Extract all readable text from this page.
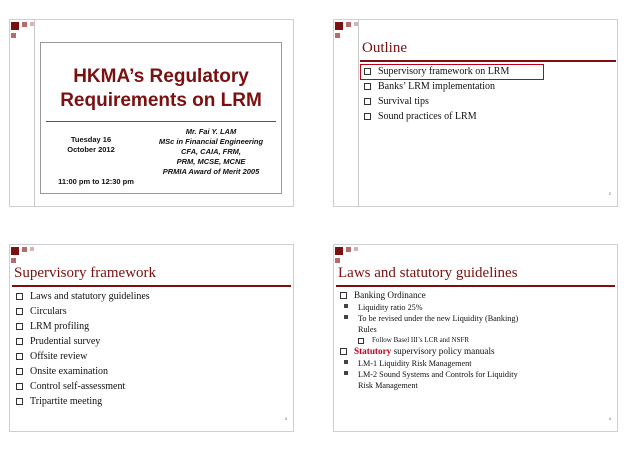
HKMA’s Regulatory
Requirements on LRM
Tuesday 16
October 2012
11:00 pm to 12:30 pm
Mr. Fai Y. LAM
MSc in Financial Engineering
CFA, CAIA, FRM,
PRM, MCSE, MCNE
PRMIA Award of Merit 2005
Outline
Supervisory framework on LRM
Banks’ LRM implementation
Survival tips
Sound practices of LRM
2
Supervisory framework
Laws and statutory guidelines
Circulars
LRM profiling
Prudential survey
Offsite review
Onsite examination
Control self-assessment
Tripartite meeting
3
Laws and statutory guidelines
Banking Ordinance
Liquidity ratio 25%
To be revised under the new Liquidity (Banking)
Rules
Follow Basel III’s LCR and NSFR
Statutory supervisory policy manuals
LM-1 Liquidity Risk Management
LM-2 Sound Systems and Controls for Liquidity
Risk Management
4
